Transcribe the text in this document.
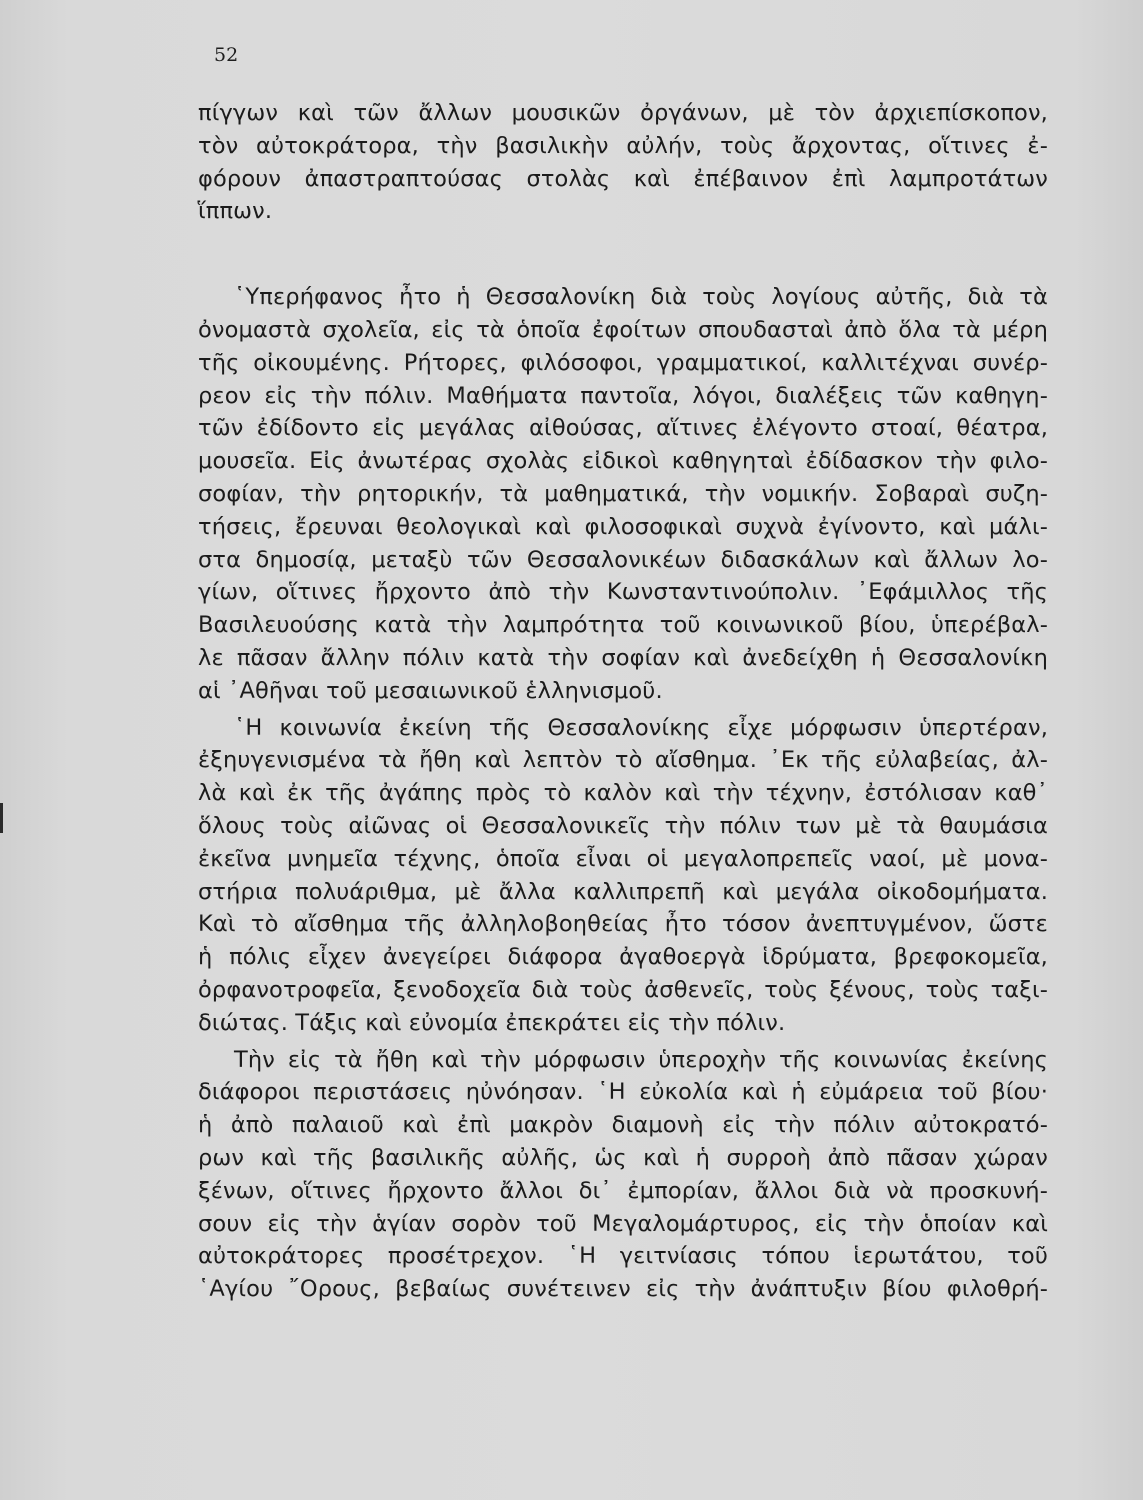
52
πίγγων καὶ τῶν ἄλλων μουσικῶν ὀργάνων, μὲ τὸν ἀρχιεπίσκοπον,
τὸν αὐτοκράτορα, τὴν βασιλικὴν αὐλήν, τοὺς ἄρχοντας, οἵτινες ἐ-
φόρουν ἀπαστραπτούσας στολὰς καὶ ἐπέβαινον ἐπὶ λαμπροτάτων
ἵππων.
῾Υπερήφανος ἦτο ἡ Θεσσαλονίκη διὰ τοὺς λογίους αὐτῆς, διὰ τὰ
ὀνομαστὰ σχολεῖα, εἰς τὰ ὁποῖα ἐφοίτων σπουδασταὶ ἀπὸ ὅλα τὰ μέρη
τῆς οἰκουμένης. Ρήτορες, φιλόσοφοι, γραμματικοί, καλλιτέχναι συνέρ-
ρεον εἰς τὴν πόλιν. Μαθήματα παντοῖα, λόγοι, διαλέξεις τῶν καθηγη-
τῶν ἐδίδοντο εἰς μεγάλας αἰθούσας, αἵτινες ἐλέγοντο στοαί, θέατρα,
μουσεῖα. Εἰς ἀνωτέρας σχολὰς εἰδικοὶ καθηγηταὶ ἐδίδασκον τὴν φιλο-
σοφίαν, τὴν ρητορικήν, τὰ μαθηματικά, τὴν νομικήν. Σοβαραὶ συζη-
τήσεις, ἔρευναι θεολογικαὶ καὶ φιλοσοφικαὶ συχνὰ ἐγίνοντο, καὶ μάλι-
στα δημοσίᾳ, μεταξὺ τῶν Θεσσαλονικέων διδασκάλων καὶ ἄλλων λο-
γίων, οἵτινες ἤρχοντο ἀπὸ τὴν Κωνσταντινούπολιν. ᾿Εφάμιλλος τῆς
Βασιλευούσης κατὰ τὴν λαμπρότητα τοῦ κοινωνικοῦ βίου, ὑπερέβαλ-
λε πᾶσαν ἄλλην πόλιν κατὰ τὴν σοφίαν καὶ ἀνεδείχθη ἡ Θεσσαλονίκη
αἱ ᾿Αθῆναι τοῦ μεσαιωνικοῦ ἑλληνισμοῦ.
῾Η κοινωνία ἐκείνη τῆς Θεσσαλονίκης εἶχε μόρφωσιν ὑπερτέραν,
ἐξηυγενισμένα τὰ ἤθη καὶ λεπτὸν τὸ αἴσθημα. ᾿Εκ τῆς εὐλαβείας, ἀλ-
λὰ καὶ ἐκ τῆς ἀγάπης πρὸς τὸ καλὸν καὶ τὴν τέχνην, ἐστόλισαν καθ᾿
ὅλους τοὺς αἰῶνας οἱ Θεσσαλονικεῖς τὴν πόλιν των μὲ τὰ θαυμάσια
ἐκεῖνα μνημεῖα τέχνης, ὁποῖα εἶναι οἱ μεγαλοπρεπεῖς ναοί, μὲ μονα-
στήρια πολυάριθμα, μὲ ἄλλα καλλιπρεπῆ καὶ μεγάλα οἰκοδομήματα.
Καὶ τὸ αἴσθημα τῆς ἀλληλοβοηθείας ἦτο τόσον ἀνεπτυγμένον, ὥστε
ἡ πόλις εἶχεν ἀνεγείρει διάφορα ἀγαθοεργὰ ἱδρύματα, βρεφοκομεῖα,
ὀρφανοτροφεῖα, ξενοδοχεῖα διὰ τοὺς ἀσθενεῖς, τοὺς ξένους, τοὺς ταξι-
διώτας. Τάξις καὶ εὐνομία ἐπεκράτει εἰς τὴν πόλιν.
Τὴν εἰς τὰ ἤθη καὶ τὴν μόρφωσιν ὑπεροχὴν τῆς κοινωνίας ἐκείνης
διάφοροι περιστάσεις ηὐνόησαν. ῾Η εὐκολία καὶ ἡ εὐμάρεια τοῦ βίου·
ἡ ἀπὸ παλαιοῦ καὶ ἐπὶ μακρὸν διαμονὴ εἰς τὴν πόλιν αὐτοκρατό-
ρων καὶ τῆς βασιλικῆς αὐλῆς, ὡς καὶ ἡ συρροὴ ἀπὸ πᾶσαν χώραν
ξένων, οἵτινες ἤρχοντο ἄλλοι δι᾿ ἐμπορίαν, ἄλλοι διὰ νὰ προσκυνή-
σουν εἰς τὴν ἁγίαν σορὸν τοῦ Μεγαλομάρτυρος, εἰς τὴν ὁποίαν καὶ
αὐτοκράτορες προσέτρεχον. ῾Η γειτνίασις τόπου ἱερωτάτου, τοῦ
῾Αγίου ῎Ορους, βεβαίως συνέτεινεν εἰς τὴν ἀνάπτυξιν βίου φιλοθρή-
